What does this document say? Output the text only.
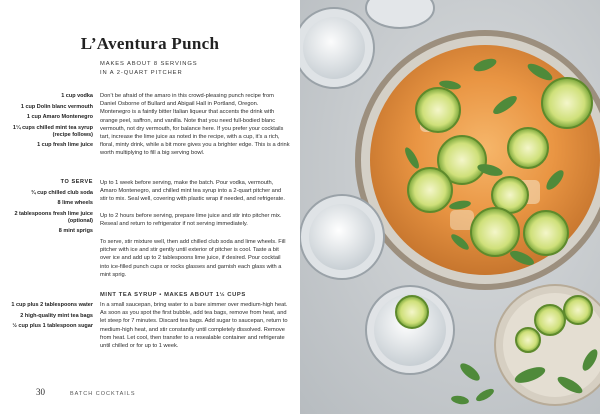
L’Aventura Punch
MAKES ABOUT 8 SERVINGS
IN A 2-QUART PITCHER
1 cup vodka
1 cup Dolin blanc vermouth
1 cup Amaro Montenegro
1¼ cups chilled mint tea syrup (recipe follows)
1 cup fresh lime juice
TO SERVE
¾ cup chilled club soda
8 lime wheels
2 tablespoons fresh lime juice (optional)
8 mint sprigs
1 cup plus 2 tablespoons water
2 high-quality mint tea bags
½ cup plus 1 tablespoon sugar

Don’t be afraid of the amaro in this crowd-pleasing punch recipe from Daniel Osborne of Bullard and Abigail Hall in Portland, Oregon. Montenegro is a faintly bitter Italian liqueur that accents the drink with orange peel, saffron, and vanilla. Note that you need full-bodied blanc vermouth, not dry vermouth, for balance here. If you prefer your cocktails tart, increase the lime juice as noted in the recipe, with a cup, it’s a rich, floral, minty drink, while a bit more gives you a brighter edge. This is a drink worth multiplying to fill a big serving bowl.

Up to 1 week before serving, make the batch. Pour vodka, vermouth, Amaro Montenegro, and chilled mint tea syrup into a 2-quart pitcher and stir to mix. Seal well, covering with plastic wrap if needed, and refrigerate.

Up to 2 hours before serving, prepare lime juice and stir into pitcher mix. Reseal and return to refrigerator if not serving immediately.

To serve, stir mixture well, then add chilled club soda and lime wheels. Fill pitcher with ice and stir gently until exterior of pitcher is cool. Taste a bit over ice and add up to 2 tablespoons lime juice, if desired. Pour cocktail into ice-filled punch cups or rocks glasses and garnish each glass with a mint sprig.

MINT TEA SYRUP • MAKES ABOUT 1½ CUPS

In a small saucepan, bring water to a bare simmer over medium-high heat. As soon as you spot the first bubble, add tea bags, remove from heat, and let steep for 7 minutes. Discard tea bags. Add sugar to saucepan, return to medium-high heat, and stir constantly until completely dissolved. Remove from heat. Let cool, then transfer to a resealable container and refrigerate until chilled or for up to 1 week.

30	BATCH COCKTAILS
